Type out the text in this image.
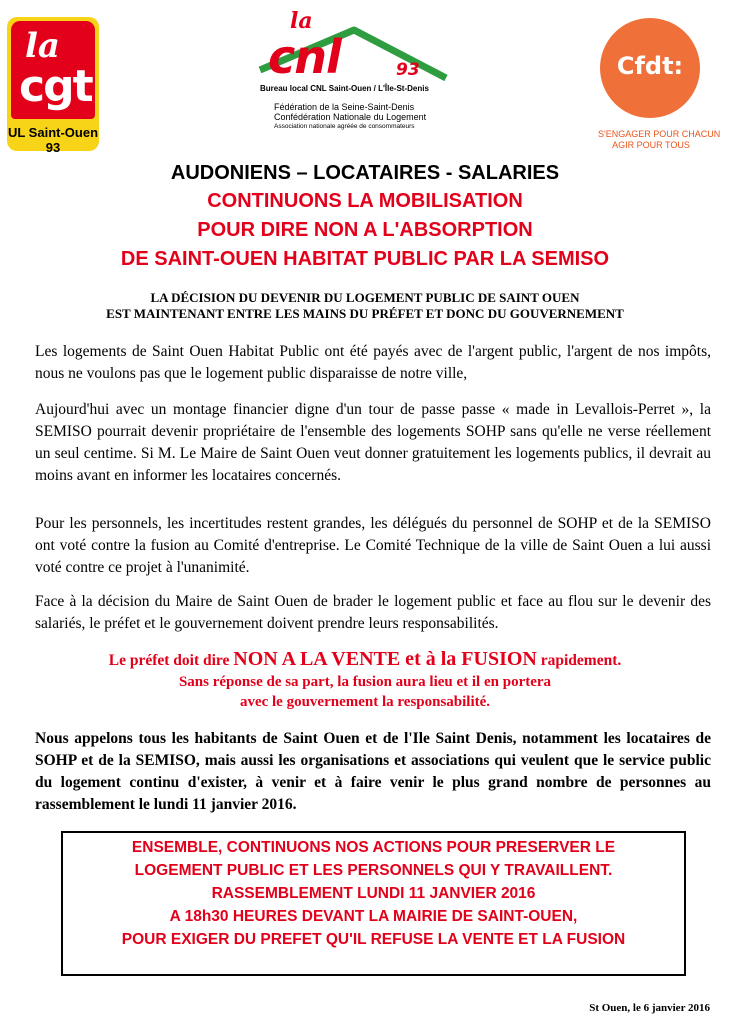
la
cgt
UL Saint-Ouen 93
la
cnl	93
Bureau local CNL Saint-Ouen / L'Île-St-Denis
Fédération de la Seine-Saint-Denis
Confédération Nationale du Logement
Association nationale agréée de consommateurs
Cfdt:
S'ENGAGER POUR CHACUN
AGIR POUR TOUS
AUDONIENS – LOCATAIRES - SALARIES
CONTINUONS LA MOBILISATION
POUR DIRE NON A L'ABSORPTION
DE SAINT-OUEN HABITAT PUBLIC PAR LA SEMISO
LA DÉCISION DU DEVENIR DU LOGEMENT PUBLIC DE SAINT OUEN
EST MAINTENANT ENTRE LES MAINS DU PRÉFET ET DONC DU GOUVERNEMENT

Les logements de Saint Ouen Habitat Public ont été payés avec de l'argent public, l'argent de nos impôts, nous ne voulons pas que le logement public disparaisse de notre ville,

Aujourd'hui avec un montage financier digne d'un tour de passe passe « made in Levallois-Perret », la SEMISO pourrait devenir propriétaire de l'ensemble des logements SOHP sans qu'elle ne verse réellement un seul centime. Si M. Le Maire de Saint Ouen veut donner gratuitement les logements publics, il devrait au moins avant en informer les locataires concernés.

Pour les personnels, les incertitudes restent grandes, les délégués du personnel de SOHP et de la SEMISO ont voté contre la fusion au Comité d'entreprise. Le Comité Technique de la ville de Saint Ouen a lui aussi voté contre ce projet à l'unanimité.

Face à la décision du Maire de Saint Ouen de brader le logement public et face au flou sur le devenir des salariés, le préfet et le gouvernement doivent prendre leurs responsabilités.

Le préfet doit dire NON A LA VENTE et à la FUSION rapidement.
Sans réponse de sa part, la fusion aura lieu et il en portera
avec le gouvernement la responsabilité.

Nous appelons tous les habitants de Saint Ouen et de l'Ile Saint Denis, notamment les locataires de SOHP et de la SEMISO, mais aussi les organisations et associations qui veulent que le service public du logement continu d'exister, à venir et à faire venir le plus grand nombre de personnes au rassemblement le lundi 11 janvier 2016.

ENSEMBLE, CONTINUONS NOS ACTIONS POUR PRESERVER LE
LOGEMENT PUBLIC ET LES PERSONNELS QUI Y TRAVAILLENT.
RASSEMBLEMENT LUNDI 11 JANVIER 2016
A 18h30 HEURES DEVANT LA MAIRIE DE SAINT-OUEN,
POUR EXIGER DU PREFET QU'IL REFUSE LA VENTE ET LA FUSION
St Ouen, le 6 janvier 2016
